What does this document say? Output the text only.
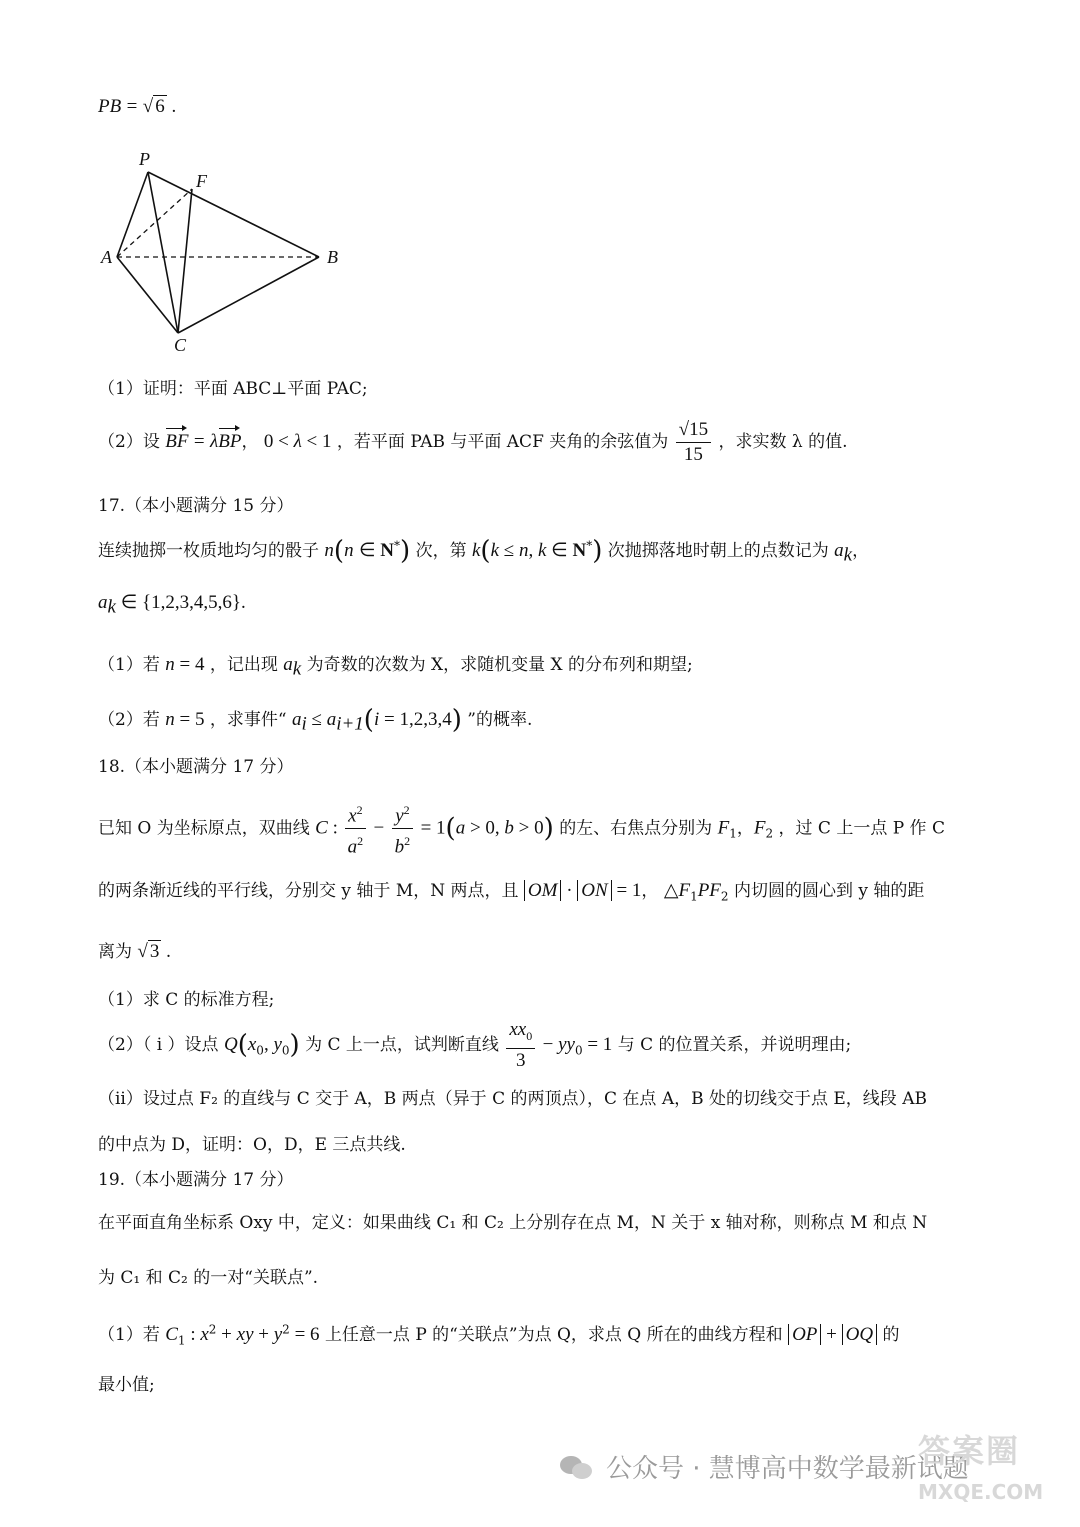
PB = √ 6 .
P
F
A	B
C
（1）证明：平面 ABC⊥平面 PAC;
（2）设 BF = λBP， 0 < λ < 1 ，若平面 PAB 与平面 ACF 夹角的余弦值为 $\frac{√15}{15}$ ，求实数 λ 的值.
17.（本小题满分 15 分）
连续抛掷一枚质地均匀的骰子 n(n ∈ N*) 次，第 k(k ≤ n, k ∈ N*) 次抛掷落地时朝上的点数记为 $a_k$，
$a_k$ ∈ {1,2,3,4,5,6}.
（1）若 n = 4 ，记出现 $a_k$ 为奇数的次数为 X，求随机变量 X 的分布列和期望;
（2）若 n = 5 ，求事件“ $a_i \le a_{i+1}(i = 1,2,3,4)$ ”的概率.
18.（本小题满分 17 分）
已知 O 为坐标原点，双曲线 C : $\frac{x^2}{a^2} - \frac{y^2}{b^2} = 1(a > 0$, b > 0) 的左、右焦点分别为 $F_1$，$F_2$ ，过 C 上一点 P 作 C
的两条渐近线的平行线，分别交 y 轴于 M，N 两点，且 OM · ON = 1， $\triangle F_1PF_2$ 内切圆的圆心到 y 轴的距
离为 √ 3 .
（1）求 C 的标准方程;
（2）（ i ）设点 $Q(x_0$, $y_0$) 为 C 上一点，试判断直线 $\frac{xx_0}{3} - yy_0 = 1$ 与 C 的位置关系，并说明理由;
（ii）设过点 F₂ 的直线与 C 交于 A，B 两点（异于 C 的两顶点），C 在点 A，B 处的切线交于点 E，线段 AB
的中点为 D，证明：O，D，E 三点共线.
19.（本小题满分 17 分）
在平面直角坐标系 Oxy 中，定义：如果曲线 C₁ 和 C₂ 上分别存在点 M，N 关于 x 轴对称，则称点 M 和点 N
为 C₁ 和 C₂ 的一对“关联点”.
（1）若 $C_1$ : $x^2$ + xy + $y^2 = 6$ 上任意一点 P 的“关联点”为点 Q，求点 Q 所在的曲线方程和 OP + OQ 的
最小值;
公众号 · 慧博高中数学最新试题
答案圈
MXQE.COM
